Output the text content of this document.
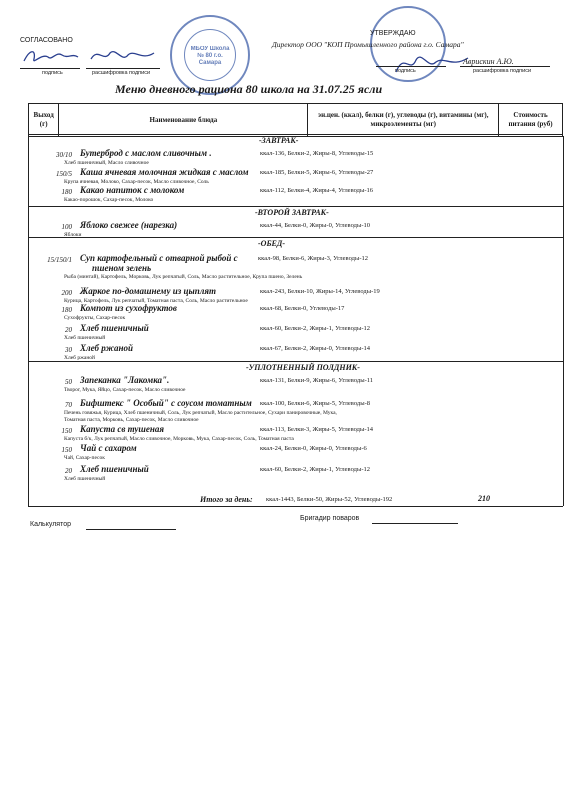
СОГЛАСОВАНО
подпись	расшифровка подписи
МБОУ Школа № 80 г.о. Самара
УТВЕРЖДАЮ
Директор ООО "КОП Промышленного района г.о. Самара"
Аврискин А.Ю.
подпись	расшифровка подписи
Меню дневного рациона 80 школа на 31.07.25 ясли
Выход (г)	Наименование блюда	эн.цен. (ккал), белки (г), углеводы (г), витамины (мг), микроэлементы (мг)	Стоимость питания (руб)
-ЗАВТРАК-
30/10 Бутерброд с маслом сливочным .
Хлеб пшеничный, Масло сливочное
ккал-136, Белки-2, Жиры-8, Углеводы-15
150/5 Каша ячневая молочная жидкая с маслом
Крупа ячневая, Молоко, Сахар-песок, Масло сливочное, Соль
ккал-185, Белки-5, Жиры-6, Углеводы-27
180 Какао напиток с молоком
Какао-порошок, Сахар-песок, Молоко
ккал-112, Белки-4, Жиры-4, Углеводы-16
-ВТОРОЙ ЗАВТРАК-
100 Яблоко свежее (нарезка)
Яблоки
ккал-44, Белки-0, Жиры-0, Углеводы-10
-ОБЕД-
15/150/1 Суп картофельный с отварной рыбой с
пшеном зелень
Рыба (минтай), Картофель, Морковь, Лук репчатый, Соль, Масло растительное, Крупа пшено, Зелень
ккал-98, Белки-6, Жиры-3, Углеводы-12
200 Жаркое по-домашнему из цыплят
Курица, Картофель, Лук репчатый, Томатная паста, Соль, Масло растительное
ккал-243, Белки-10, Жиры-14, Углеводы-19
180 Компот из сухофруктов
Сухофрукты, Сахар-песок
ккал-68, Белки-0, Углеводы-17
20 Хлеб пшеничный
Хлеб пшеничный
ккал-60, Белки-2, Жиры-1, Углеводы-12
30 Хлеб ржаной
Хлеб ржаной
ккал-67, Белки-2, Жиры-0, Углеводы-14
-УПЛОТНЕННЫЙ ПОЛДНИК-
50 Запеканка "Лакомка".
Творог, Мука, Яйцо, Сахар-песок, Масло сливочное
ккал-131, Белки-9, Жиры-6, Углеводы-11
70 Бифштекс " Особый" с соусом томатным
Печень говяжья, Курица, Хлеб пшеничный, Соль, Лук репчатый, Масло растительное, Сухари панировочные, Мука,
Томатная паста, Морковь, Сахар-песок, Масло сливочное
ккал-100, Белки-6, Жиры-5, Углеводы-8
150 Капуста св тушеная
Капуста б/к, Лук репчатый, Масло сливочное, Морковь, Мука, Сахар-песок, Соль, Томатная паста
ккал-113, Белки-3, Жиры-5, Углеводы-14
150 Чай с сахаром
Чай, Сахар-песок
ккал-24, Белки-0, Жиры-0, Углеводы-6
20 Хлеб пшеничный
Хлеб пшеничный
ккал-60, Белки-2, Жиры-1, Углеводы-12
Итого за день: ккал-1443, Белки-50, Жиры-52, Углеводы-192	210
Калькулятор
Бригадир поваров
